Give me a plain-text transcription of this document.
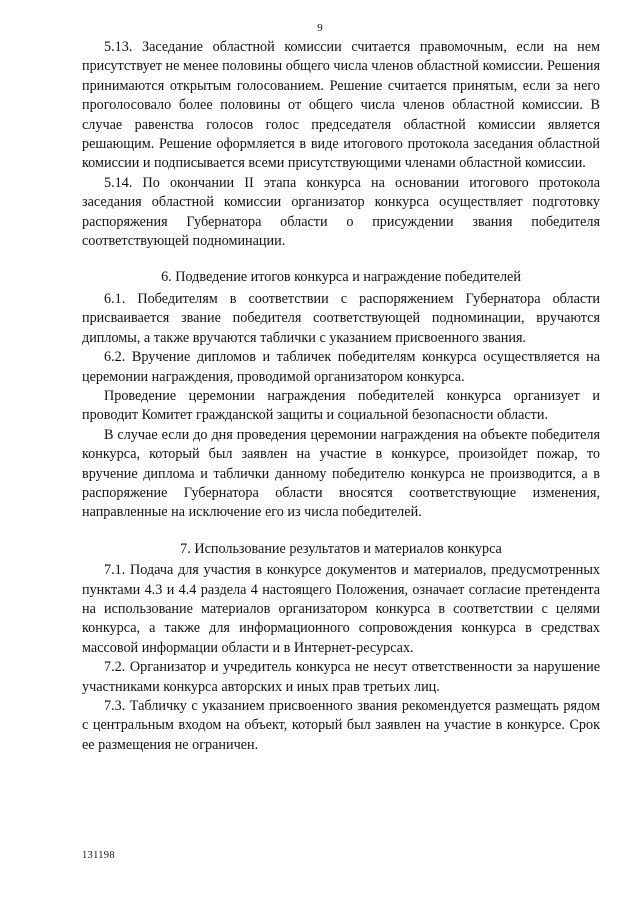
9

5.13. Заседание областной комиссии считается правомочным, если на нем присутствует не менее половины общего числа членов областной комиссии. Решения принимаются открытым голосованием. Решение считается принятым, если за него проголосовало более половины от общего числа членов областной комиссии. В случае равенства голосов голос председателя областной комиссии является решающим. Решение оформляется в виде итогового протокола заседания областной комиссии и подписывается всеми присутствующими членами областной комиссии.

5.14. По окончании II этапа конкурса на основании итогового протокола заседания областной комиссии организатор конкурса осуществляет подготовку распоряжения Губернатора области о присуждении звания победителя соответствующей подноминации.

6. Подведение итогов конкурса и награждение победителей

6.1. Победителям в соответствии с распоряжением Губернатора области присваивается звание победителя соответствующей подноминации, вручаются дипломы, а также вручаются таблички с указанием присвоенного звания.

6.2. Вручение дипломов и табличек победителям конкурса осуществляется на церемонии награждения, проводимой организатором конкурса.

Проведение церемонии награждения победителей конкурса организует и проводит Комитет гражданской защиты и социальной безопасности области.

В случае если до дня проведения церемонии награждения на объекте победителя конкурса, который был заявлен на участие в конкурсе, произойдет пожар, то вручение диплома и таблички данному победителю конкурса не производится, а в распоряжение Губернатора области вносятся соответствующие изменения, направленные на исключение его из числа победителей.

7. Использование результатов и материалов конкурса

7.1. Подача для участия в конкурсе документов и материалов, предусмотренных пунктами 4.3 и 4.4 раздела 4 настоящего Положения, означает согласие претендента на использование материалов организатором конкурса в соответствии с целями конкурса, а также для информационного сопровождения конкурса в средствах массовой информации области и в Интернет-ресурсах.

7.2. Организатор и учредитель конкурса не несут ответственности за нарушение участниками конкурса авторских и иных прав третьих лиц.

7.3. Табличку с указанием присвоенного звания рекомендуется размещать рядом с центральным входом на объект, который был заявлен на участие в конкурсе. Срок ее размещения не ограничен.

131198
